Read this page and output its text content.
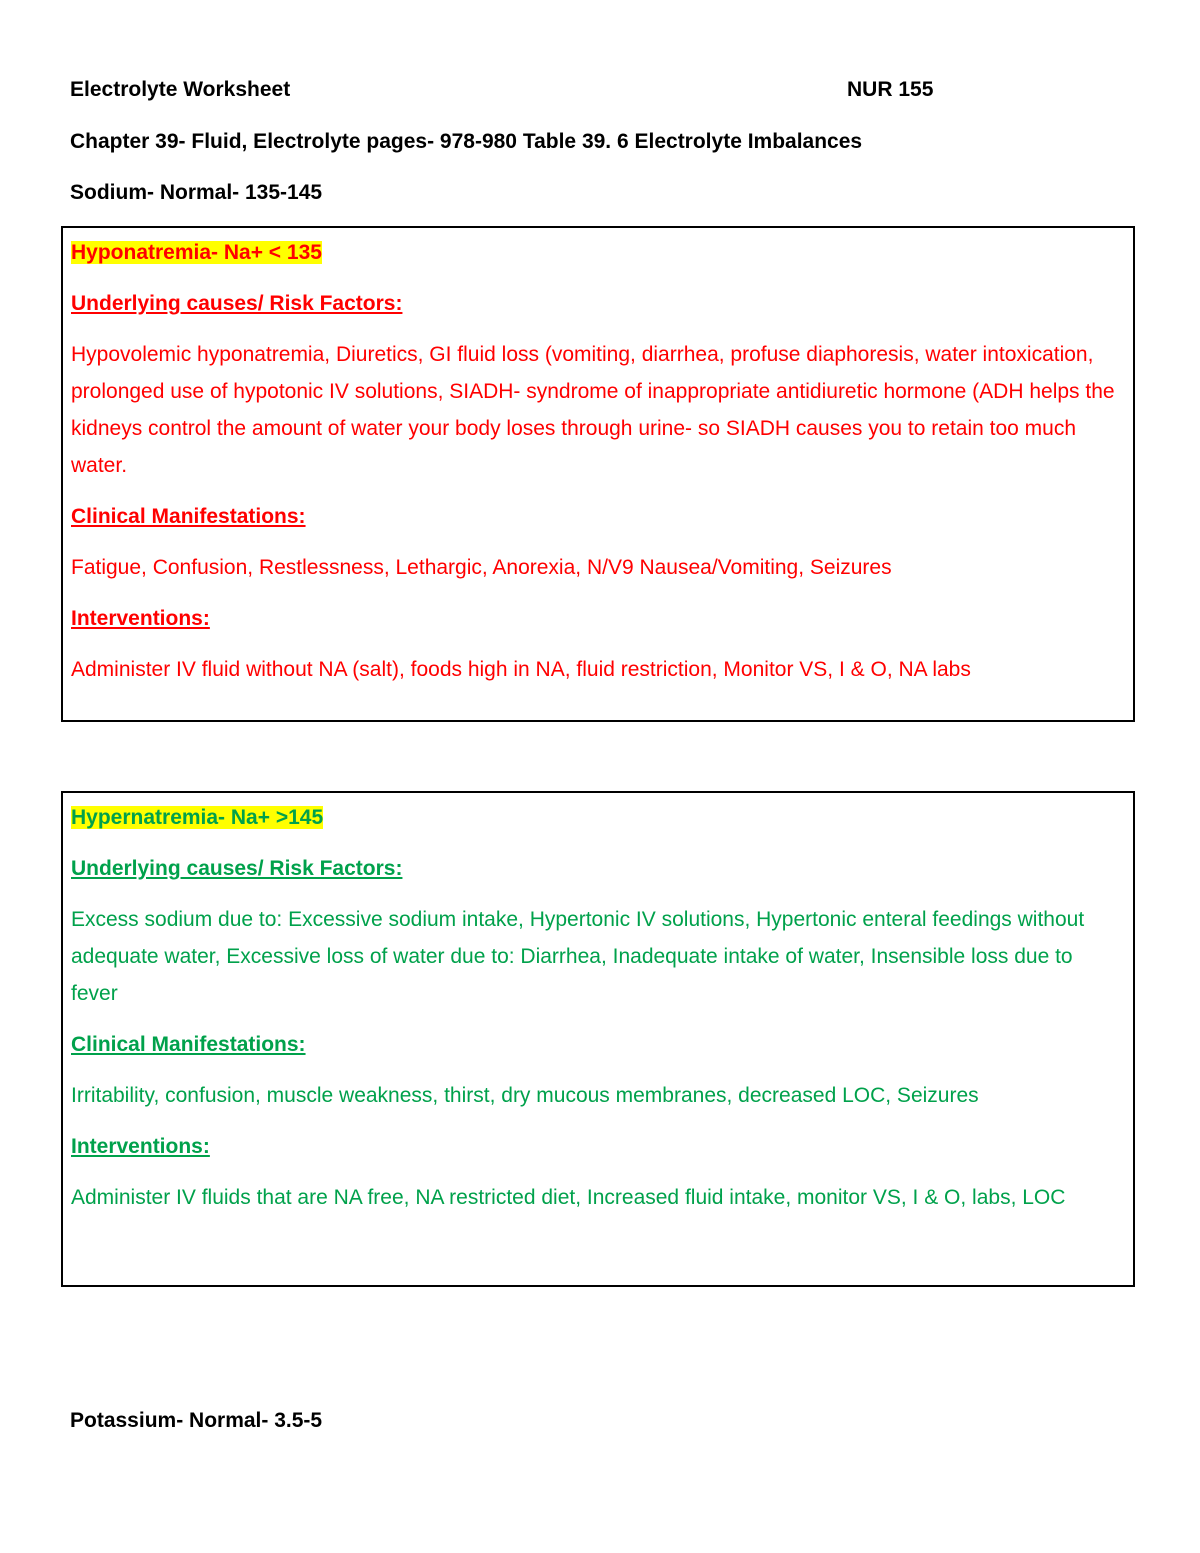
Electrolyte Worksheet	NUR 155
Chapter 39- Fluid, Electrolyte pages- 978-980 Table 39. 6 Electrolyte Imbalances
Sodium- Normal- 135-145

Hyponatremia- Na+ < 135

Underlying causes/ Risk Factors:

Hypovolemic hyponatremia, Diuretics, GI fluid loss (vomiting, diarrhea, profuse diaphoresis, water intoxication, prolonged use of hypotonic IV solutions, SIADH- syndrome of inappropriate antidiuretic hormone (ADH helps the kidneys control the amount of water your body loses through urine- so SIADH causes you to retain too much water.

Clinical Manifestations:

Fatigue, Confusion, Restlessness, Lethargic, Anorexia, N/V9 Nausea/Vomiting, Seizures

Interventions:

Administer IV fluid without NA (salt), foods high in NA, fluid restriction, Monitor VS, I & O, NA labs

Hypernatremia- Na+ >145

Underlying causes/ Risk Factors:

Excess sodium due to: Excessive sodium intake, Hypertonic IV solutions, Hypertonic enteral feedings without adequate water, Excessive loss of water due to: Diarrhea, Inadequate intake of water, Insensible loss due to fever

Clinical Manifestations:

Irritability, confusion, muscle weakness, thirst, dry mucous membranes, decreased LOC, Seizures

Interventions:

Administer IV fluids that are NA free, NA restricted diet, Increased fluid intake, monitor VS, I & O, labs, LOC

Potassium- Normal- 3.5-5
